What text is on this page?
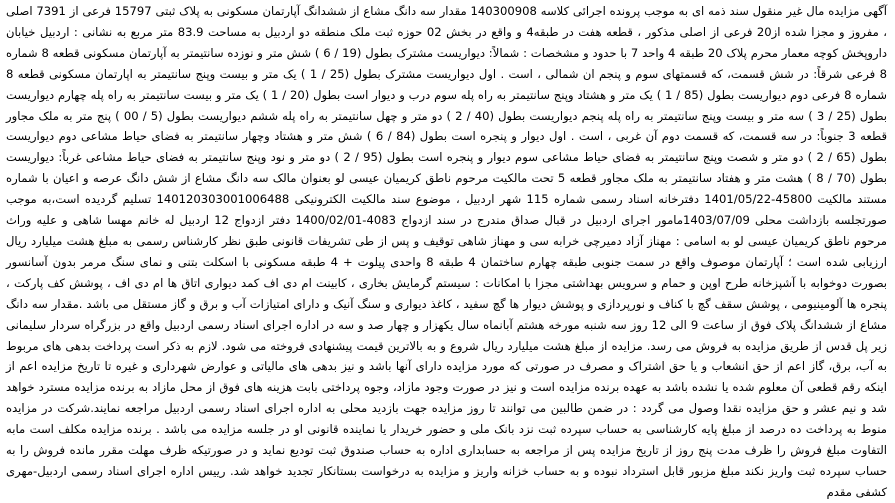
آگهی مزایده مال غیر منقول سند ذمه ای به موجب پرونده اجرائی کلاسه 140300908 مقدار سه دانگ مشاع از ششدانگ آپارتمان مسکونی به پلاک ثبتی 15797 فرعی از 7391 اصلی ، مفروز و مجزا شده از20 فرعی از اصلی مذکور ، قطعه هفت در طبقه4 و واقع در بخش 02 حوزه ثبت ملک منطقه دو اردبیل به مساحت 83.9 متر مربع به نشانی : اردبیل خیابان داروپخش کوچه معمار محرم پلاک 20 طبقه 4 واحد 7 با حدود و مشخصات : شمالاً: دیواریست مشترک بطول (19 / 6 ) شش متر و نوزده سانتیمتر به آپارتمان مسکونی قطعه 8 شماره 8 فرعی شرقاً: در شش قسمت، که قسمتهای سوم و پنجم ان شمالی ، است . اول دیواریست مشترک بطول (25 / 1 ) یک متر و بیست وپنج سانتیمتر به اپارتمان مسکونی قطعه 8 شماره 8 فرعی دوم دیواریست بطول (85 / 1 ) یک متر و هشتاد وپنج سانتیمتر به راه پله سوم درب و دیوار است بطول (20 / 1 ) یک متر و بیست سانتیمتر به راه پله چهارم دیواریست بطول (25 / 3 ) سه متر و بیست وپنج سانتیمتر به راه پله پنجم دیواریست بطول (40 / 2 ) دو متر و چهل سانتیمتر به راه پله ششم دیواریست بطول (5 / 00 ) پنج متر به ملک مجاور قطعه 3 جنوباً: در سه قسمت، که قسمت دوم آن غربی ، است . اول دیوار و پنجره است بطول (84 / 6 ) شش متر و هشتاد وچهار سانتیمتر به فضای حیاط مشاعی دوم دیواریست بطول (65 / 2 ) دو متر و شصت وپنج سانتیمتر به فضای حیاط مشاعی سوم دیوار و پنجره است بطول (95 / 2 ) دو متر و نود وپنج سانتیمتر به فضای حیاط مشاعی غرباً: دیواریست بطول (70 / 8 ) هشت متر و هفتاد سانتیمتر به ملک مجاور قطعه 5 تحت مالکیت مرحوم ناطق کریمیان عیسی لو بعنوان مالک سه دانگ مشاع از شش دانگ عرصه و اعیان با شماره مستند مالکیت 45800-1401/05/22 دفترخانه اسناد رسمی شماره 115 شهر اردبیل ، موضوع سند مالکیت الکترونیکی 140120303001006488 تسلیم گردیده است،به موجب صورتجلسه بازداشت محلی 1403/07/09مامور اجرای اردبیل در قبال صداق مندرج در سند ازدواج 4083-1400/02/01 دفتر ازدواج 12 اردبیل له خانم مهسا شاهی و علیه وراث مرحوم ناطق کریمیان عیسی لو به اسامی : مهناز آزاد دمیرچی خرابه سی و مهناز شاهی توقیف و پس از طی تشریفات قانونی طبق نظر کارشناس رسمی به مبلغ هشت میلیارد ریال ارزیابی شده است ؛ آپارتمان موصوف واقع در سمت جنوبی طبقه چهارم ساختمان 4 طبقه 8 واحدی پیلوت + 4 طبقه مسکونی با اسکلت بتنی و نمای سنگ مرمر بدون آسانسور بصورت دوخوابه با آشپزخانه طرح اوپن و حمام و سرویس بهداشتی مجزا با امکانات : سیستم گرمایش بخاری ، کابینت ام دی اف کمد دیواری اتاق ها ام دی اف ، پوشش کف پارکت ، پنجره ها آلومینیومی ، پوشش سقف گچ با کناف و نورپردازی و پوشش دیوار ها گچ سفید ، کاغذ دیواری و سنگ آنیک و دارای امتیازات آب و برق و گاز مستقل می باشد .مقدار سه دانگ مشاع از ششدانگ پلاک فوق از ساعت 9 الی 12 روز سه شنبه مورخه هشتم آبانماه سال یکهزار و چهار صد و سه در اداره اجرای اسناد رسمی اردبیل واقع در بزرگراه سردار سلیمانی زیر پل قدس از طریق مزایده به فروش می رسد. مزایده از مبلغ هشت میلیارد ریال شروع و به بالاترین قیمت پیشنهادی فروخته می شود. لازم به ذکر است پرداخت بدهی های مربوط به آب، برق، گاز اعم از حق انشعاب و یا حق اشتراک و مصرف در صورتی که مورد مزایده دارای آنها باشد و نیز بدهی های مالیاتی و عوارض شهرداری و غیره تا تاریخ مزایده اعم از اینکه رقم قطعی آن معلوم شده یا نشده باشد به عهده برنده مزایده است و نیز در صورت وجود مازاد، وجوه پرداختی بابت هزینه های فوق از محل مازاد به برنده مزایده مسترد خواهد شد و نیم عشر و حق مزایده نقدا وصول می گردد : در ضمن طالبین می توانند تا روز مزایده جهت بازدید محلی به اداره اجرای اسناد رسمی اردبیل مراجعه نمایند.شرکت در مزایده منوط به پرداخت ده درصد از مبلغ پایه کارشناسی به حساب سپرده ثبت نزد بانک ملی و حضور خریدار یا نماینده قانونی او در جلسه مزایده می باشد . برنده مزایده مکلف است مابه التفاوت مبلغ فروش را ظرف مدت پنج روز از تاریخ مزایده پس از مراجعه به حسابداری اداره به حساب صندوق ثبت تودیع نماید و در صورتیکه ظرف مهلت مقرر مانده فروش را به حساب سپرده ثبت واریز نکند مبلغ مزبور قابل استرداد نبوده و به حساب خزانه واریز و مزایده به درخواست بستانکار تجدید خواهد شد. رییس اداره اجرای اسناد رسمی اردبیل-مهری کشفی مقدم
